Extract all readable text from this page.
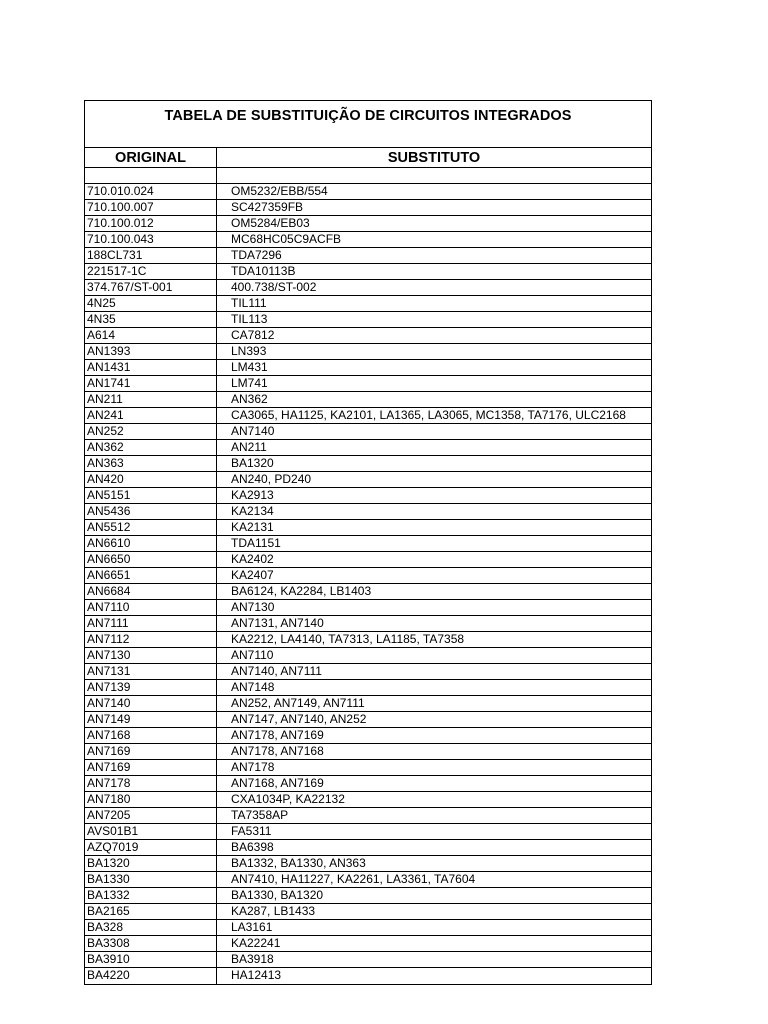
TABELA DE SUBSTITUIÇÃO DE CIRCUITOS INTEGRADOS
ORIGINAL	SUBSTITUTO
710.010.024	OM5232/EBB/554
710.100.007	SC427359FB
710.100.012	OM5284/EB03
710.100.043	MC68HC05C9ACFB
188CL731	TDA7296
221517-1C	TDA10113B
374.767/ST-001	400.738/ST-002
4N25	TIL111
4N35	TIL113
A614	CA7812
AN1393	LN393
AN1431	LM431
AN1741	LM741
AN211	AN362
AN241	CA3065, HA1125, KA2101, LA1365, LA3065, MC1358, TA7176, ULC2168
AN252	AN7140
AN362	AN211
AN363	BA1320
AN420	AN240, PD240
AN5151	KA2913
AN5436	KA2134
AN5512	KA2131
AN6610	TDA1151
AN6650	KA2402
AN6651	KA2407
AN6684	BA6124, KA2284, LB1403
AN7110	AN7130
AN7111	AN7131, AN7140
AN7112	KA2212, LA4140, TA7313, LA1185, TA7358
AN7130	AN7110
AN7131	AN7140, AN7111
AN7139	AN7148
AN7140	AN252, AN7149, AN7111
AN7149	AN7147, AN7140, AN252
AN7168	AN7178, AN7169
AN7169	AN7178, AN7168
AN7169	AN7178
AN7178	AN7168, AN7169
AN7180	CXA1034P, KA22132
AN7205	TA7358AP
AVS01B1	FA5311
AZQ7019	BA6398
BA1320	BA1332, BA1330, AN363
BA1330	AN7410, HA11227, KA2261, LA3361, TA7604
BA1332	BA1330, BA1320
BA2165	KA287, LB1433
BA328	LA3161
BA3308	KA22241
BA3910	BA3918
BA4220	HA12413
